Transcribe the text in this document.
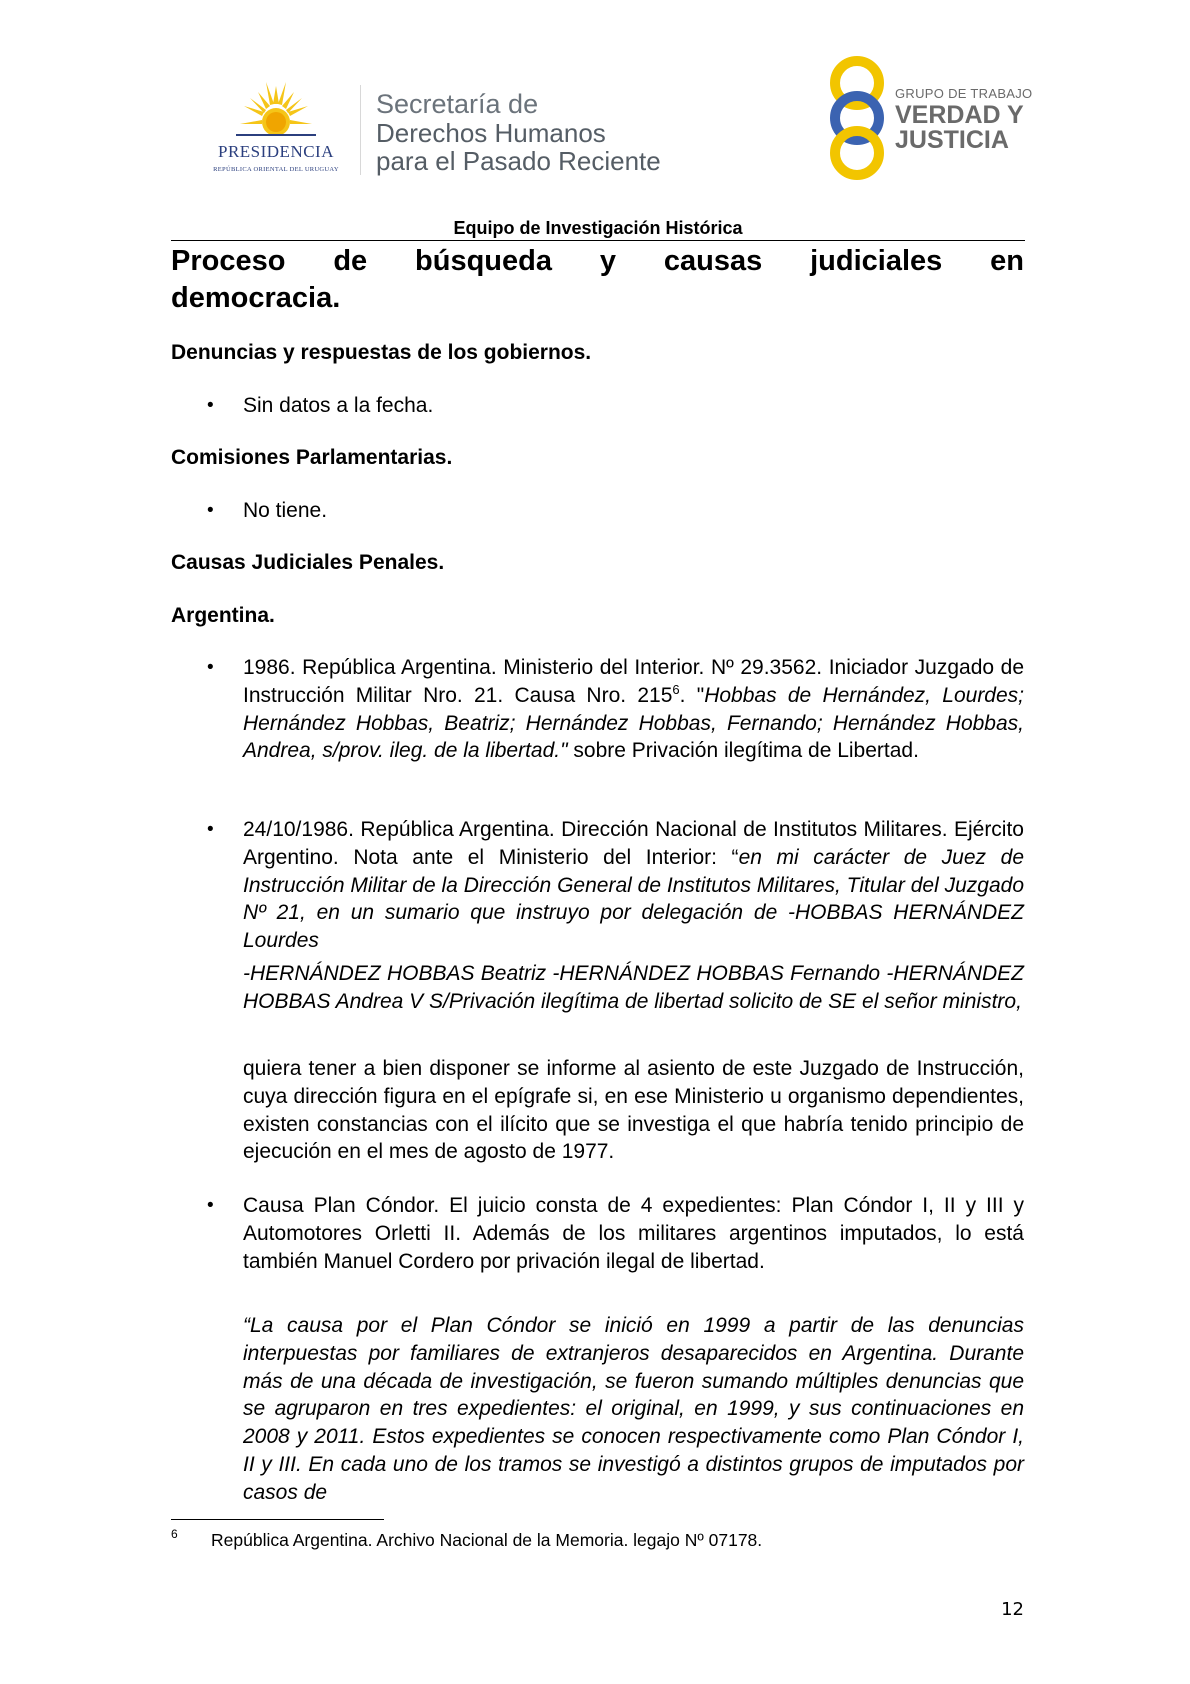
PRESIDENCIA
REPÚBLICA ORIENTAL DEL URUGUAY
Secretaría de
Derechos Humanos
para el Pasado Reciente
GRUPO DE TRABAJO
VERDAD Y
JUSTICIA
Equipo de Investigación Histórica
Proceso de búsqueda y causas judiciales en
democracia.
Denuncias y respuestas de los gobiernos.
•	Sin datos a la fecha.

Comisiones Parlamentarias.
•	No tiene.

Causas Judiciales Penales.
Argentina.
•	1986. República Argentina. Ministerio del Interior. Nº 29.3562. Iniciador Juzgado de Instrucción Militar Nro. 21. Causa Nro. $215^6$. "Hobbas de Hernández, Lourdes; Hernández Hobbas, Beatriz; Hernández Hobbas, Fernando; Hernández Hobbas, Andrea, s/prov. ileg. de la libertad." sobre Privación ilegítima de Libertad.

•	24/10/1986. República Argentina. Dirección Nacional de Institutos Militares. Ejército Argentino. Nota ante el Ministerio del Interior: “en mi carácter de Juez de Instrucción Militar de la Dirección General de Institutos Militares, Titular del Juzgado Nº 21, en un sumario que instruyo por delegación de -HOBBAS HERNÁNDEZ Lourdes

-HERNÁNDEZ HOBBAS Beatriz -HERNÁNDEZ HOBBAS Fernando -HERNÁNDEZ HOBBAS Andrea V S/Privación ilegítima de libertad solicito de SE el señor ministro,

quiera tener a bien disponer se informe al asiento de este Juzgado de Instrucción, cuya dirección figura en el epígrafe si, en ese Ministerio u organismo dependientes, existen constancias con el ilícito que se investiga el que habría tenido principio de ejecución en el mes de agosto de 1977.

•	Causa Plan Cóndor. El juicio consta de 4 expedientes: Plan Cóndor I, II y III y Automotores Orletti II. Además de los militares argentinos imputados, lo está también Manuel Cordero por privación ilegal de libertad.

“La causa por el Plan Cóndor se inició en 1999 a partir de las denuncias interpuestas por familiares de extranjeros desaparecidos en Argentina. Durante más de una década de investigación, se fueron sumando múltiples denuncias que se agruparon en tres expedientes: el original, en 1999, y sus continuaciones en 2008 y 2011. Estos expedientes se conocen respectivamente como Plan Cóndor I, II y III. En cada uno de los tramos se investigó a distintos grupos de imputados por casos de

6 República Argentina. Archivo Nacional de la Memoria. legajo Nº 07178.
12
